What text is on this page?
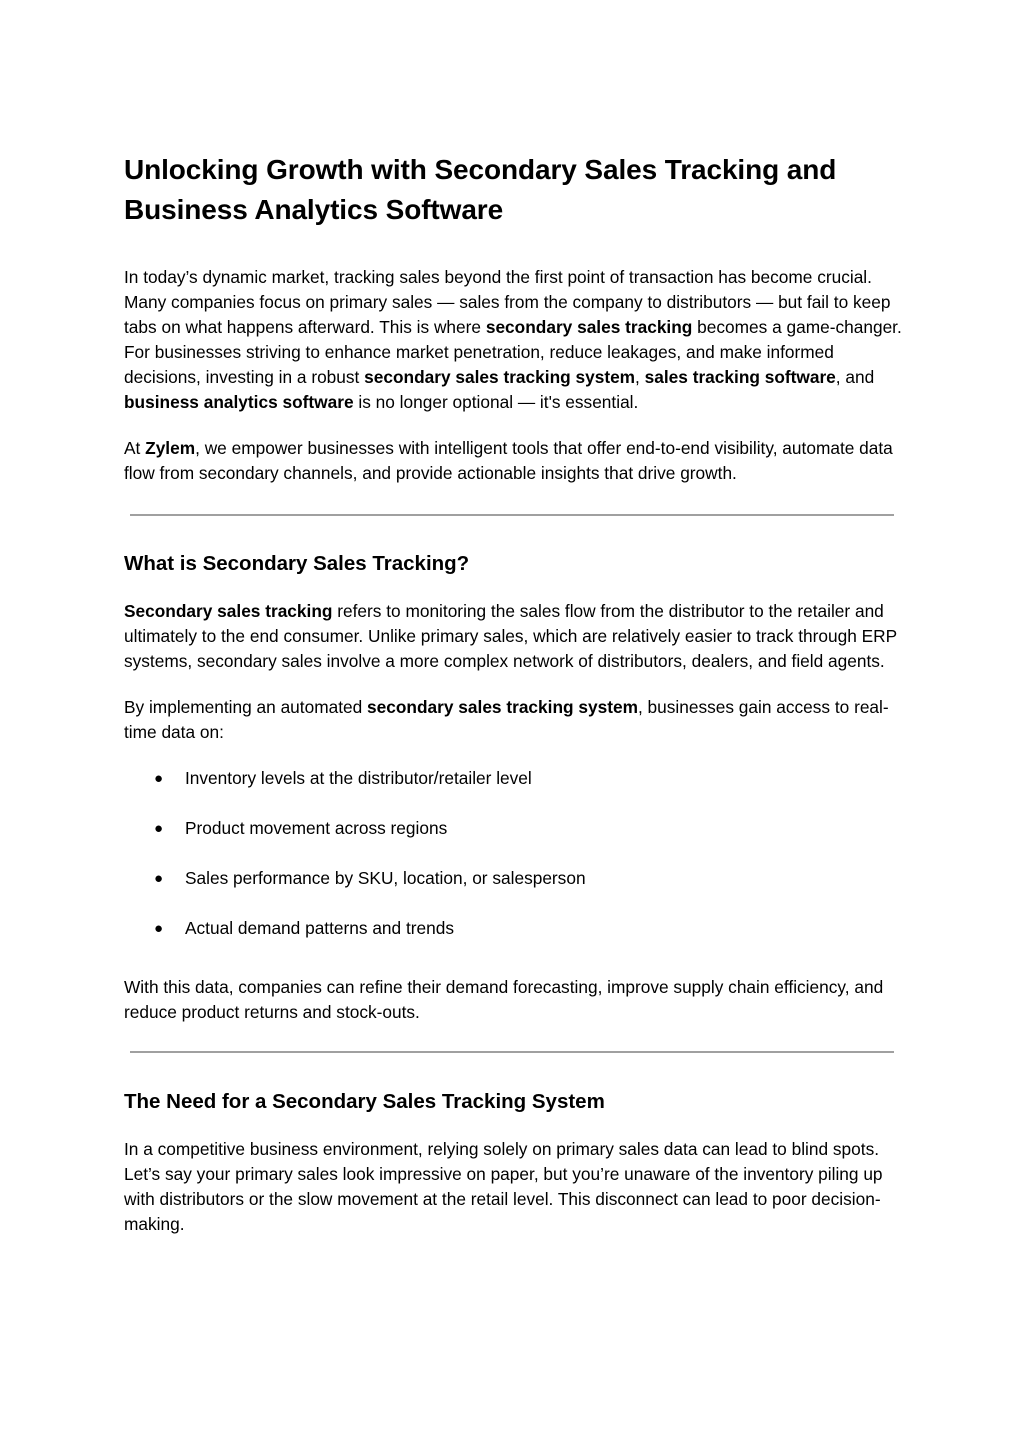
Unlocking Growth with Secondary Sales Tracking and Business Analytics Software

In today’s dynamic market, tracking sales beyond the first point of transaction has become crucial. Many companies focus on primary sales — sales from the company to distributors — but fail to keep tabs on what happens afterward. This is where secondary sales tracking becomes a game-changer. For businesses striving to enhance market penetration, reduce leakages, and make informed decisions, investing in a robust secondary sales tracking system, sales tracking software, and business analytics software is no longer optional — it's essential.

At Zylem, we empower businesses with intelligent tools that offer end-to-end visibility, automate data flow from secondary channels, and provide actionable insights that drive growth.

What is Secondary Sales Tracking?

Secondary sales tracking refers to monitoring the sales flow from the distributor to the retailer and ultimately to the end consumer. Unlike primary sales, which are relatively easier to track through ERP systems, secondary sales involve a more complex network of distributors, dealers, and field agents.

By implementing an automated secondary sales tracking system, businesses gain access to real-time data on:

● Inventory levels at the distributor/retailer level
● Product movement across regions
● Sales performance by SKU, location, or salesperson
● Actual demand patterns and trends

With this data, companies can refine their demand forecasting, improve supply chain efficiency, and reduce product returns and stock-outs.

The Need for a Secondary Sales Tracking System

In a competitive business environment, relying solely on primary sales data can lead to blind spots. Let’s say your primary sales look impressive on paper, but you’re unaware of the inventory piling up with distributors or the slow movement at the retail level. This disconnect can lead to poor decision-making.
